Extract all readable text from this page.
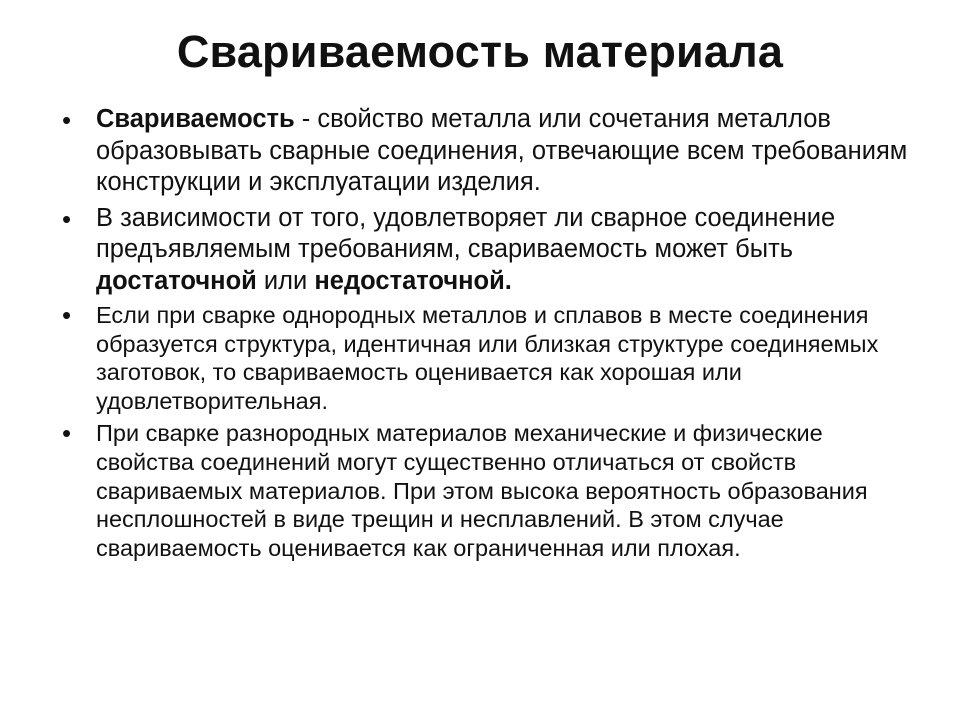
Свариваемость материала
• Свариваемость - свойство металла или сочетания металлов образовывать сварные соединения, отвечающие всем требованиям конструкции и эксплуатации изделия.
• В зависимости от того, удовлетворяет ли сварное соединение предъявляемым требованиям, свариваемость может быть достаточной или недостаточной.
• Если при сварке однородных металлов и сплавов в месте соединения образуется структура, идентичная или близкая структуре соединяемых заготовок, то свариваемость оценивается как хорошая или удовлетворительная.
• При сварке разнородных материалов механические и физические свойства соединений могут существенно отличаться от свойств свариваемых материалов. При этом высока вероятность образования несплошностей в виде трещин и несплавлений. В этом случае свариваемость оценивается как ограниченная или плохая.
